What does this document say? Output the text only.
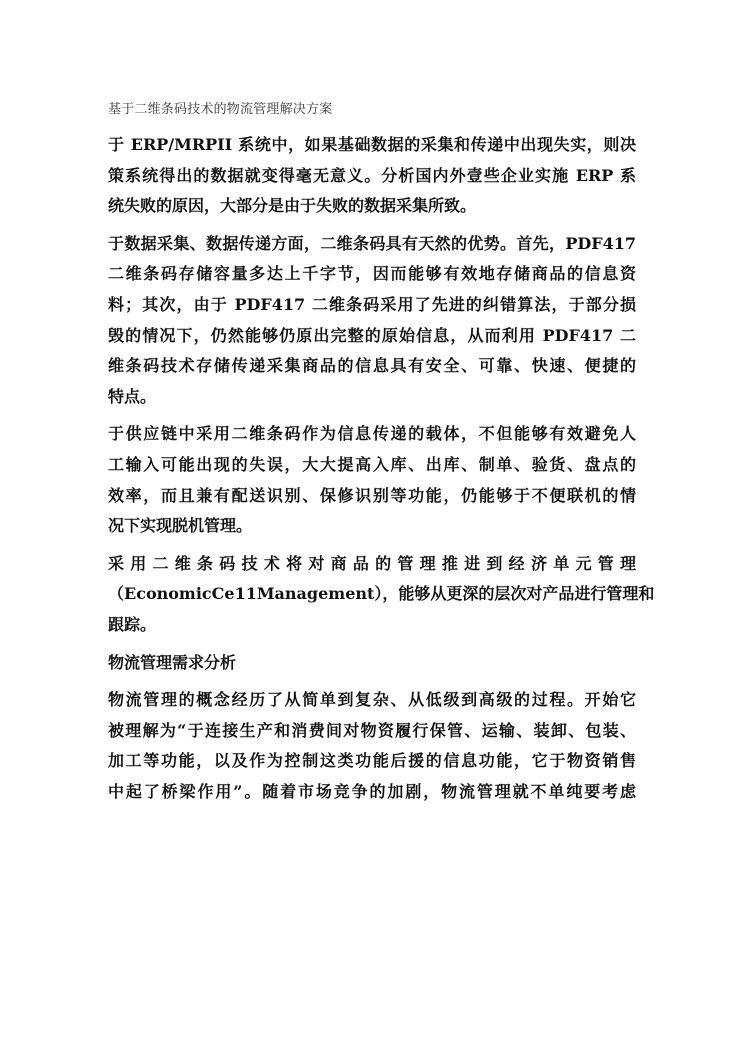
基于二维条码技术的物流管理解决方案
于 ERP/MRPII 系统中，如果基础数据的采集和传递中出现失实，则决
策系统得出的数据就变得毫无意义。分析国内外壹些企业实施 ERP 系
统失败的原因，大部分是由于失败的数据采集所致。
于数据采集、数据传递方面，二维条码具有天然的优势。首先，PDF417
二维条码存储容量多达上千字节，因而能够有效地存储商品的信息资
料；其次，由于 PDF417 二维条码采用了先进的纠错算法，于部分损
毁的情况下，仍然能够仍原出完整的原始信息，从而利用 PDF417 二
维条码技术存储传递采集商品的信息具有安全、可靠、快速、便捷的
特点。
于供应链中采用二维条码作为信息传递的载体，不但能够有效避免人
工输入可能出现的失误，大大提高入库、出库、制单、验货、盘点的
效率，而且兼有配送识别、保修识别等功能，仍能够于不便联机的情
况下实现脱机管理。
采用二维条码技术将对商品的管理推进到经济单元管理
（EconomicCe11Management），能够从更深的层次对产品进行管理和
跟踪。
物流管理需求分析
物流管理的概念经历了从简单到复杂、从低级到高级的过程。开始它
被理解为“于连接生产和消费间对物资履行保管、运输、装卸、包装、
加工等功能，以及作为控制这类功能后援的信息功能，它于物资销售
中起了桥梁作用”。随着市场竞争的加剧，物流管理就不单纯要考虑
